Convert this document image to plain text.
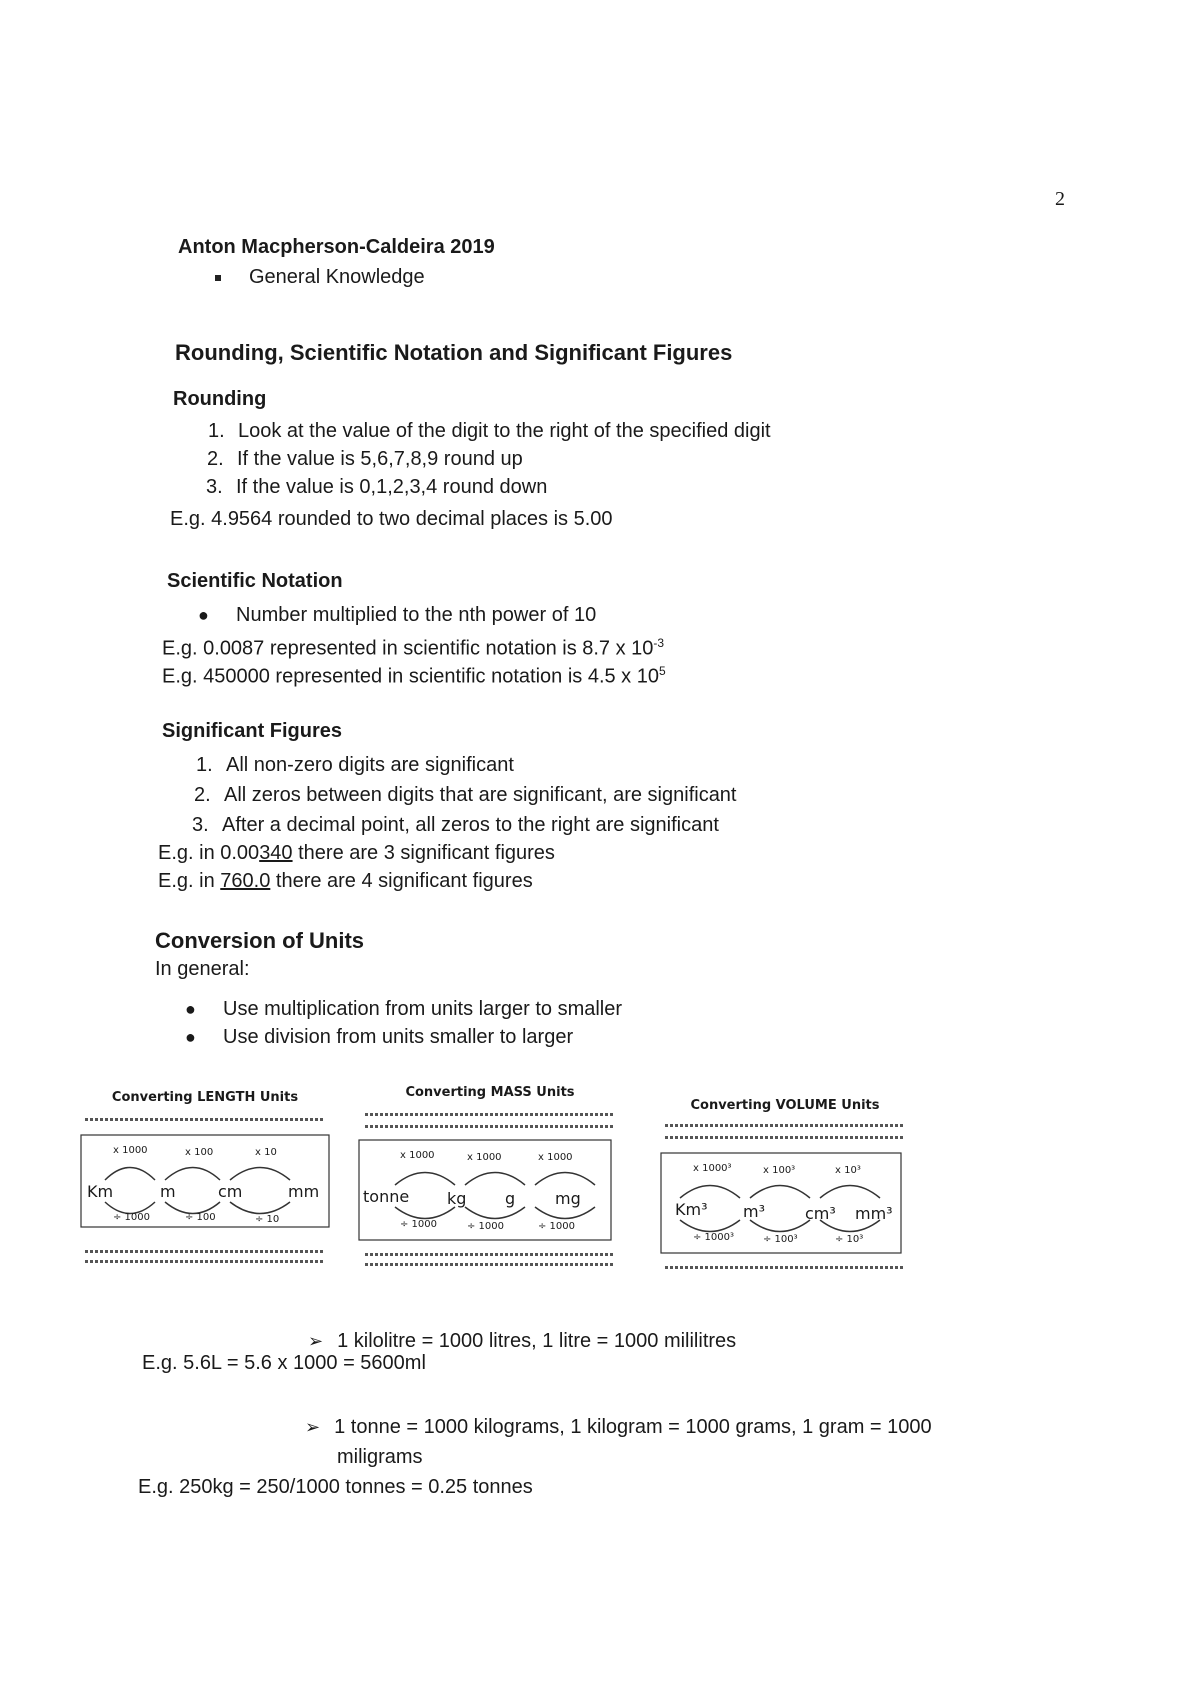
2
Anton Macpherson-Caldeira 2019
General Knowledge
Rounding, Scientific Notation and Significant Figures
Rounding
1. Look at the value of the digit to the right of the specified digit
2. If the value is 5,6,7,8,9 round up
3. If the value is 0,1,2,3,4 round down
E.g. 4.9564 rounded to two decimal places is 5.00
Scientific Notation
● Number multiplied to the nth power of 10
E.g. 0.0087 represented in scientific notation is 8.7 x $10^{-3}$
E.g. 450000 represented in scientific notation is 4.5 x $10^5$
Significant Figures
1. All non-zero digits are significant
2. All zeros between digits that are significant, are significant
3. After a decimal point, all zeros to the right are significant
E.g. in 0.00340 there are 3 significant figures
E.g. in 760.0 there are 4 significant figures
Conversion of Units
In general:
● Use multiplication from units larger to smaller
● Use division from units smaller to larger
Converting LENGTH Units
x 1000	x 100	x 10
Km	m	cm	mm
÷ 1000	÷ 100	÷ 10
Converting MASS Units
x 1000	x 1000	x 1000
tonne kg g mg
÷ 1000	÷ 1000	÷ 1000
Converting VOLUME Units
x 1000³	x 100³	x 10³
Km³ m³	cm³ mm³
÷ 1000³	÷ 100³	÷ 10³
➢ 1 kilolitre = 1000 litres, 1 litre = 1000 mililitres
E.g. 5.6L = 5.6 x 1000 = 5600ml
➢ 1 tonne = 1000 kilograms, 1 kilogram = 1000 grams, 1 gram = 1000
miligrams
E.g. 250kg = 250/1000 tonnes = 0.25 tonnes
